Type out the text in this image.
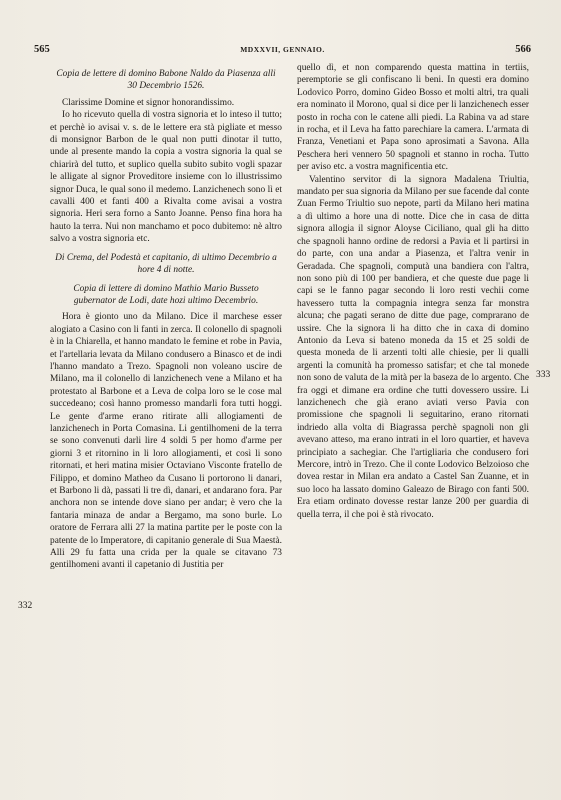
565	MDXXVII, GENNAIO.	566
332
333

Copia de lettere di domino Babone Naldo da Piasenza alli 30 Decembrio 1526.

Clarissime Domine et signor honorandissimo.

Io ho ricevuto quella di vostra signoria et lo inteso il tutto; et perchè io avisai v. s. de le lettere era stà pigliate et messo di monsignor Barbon de le qual non putti dinotar il tutto, unde al presente mando la copia a vostra signoria la qual se chiarirà del tutto, et suplico quella subito subito vogli spazar le alligate al signor Proveditore insieme con lo illustrissimo signor Duca, le qual sono il medemo. Lanzichenech sono lì et cavalli 400 et fanti 400 a Rivalta come avisai a vostra signoria. Heri sera forno a Santo Joanne. Penso fina hora ha hauto la terra. Nui non manchamo et poco dubitemo: nè altro salvo a vostra signoria etc.

Di Crema, del Podestà et capitanio, di ultimo Decembrio a hore 4 di notte.

Copia di lettere di domino Mathio Mario Busseto gubernator de Lodi, date hozi ultimo Decembrio.

Hora è gionto uno da Milano. Dice il marchese esser alogiato a Casino con li fanti in zerca. Il colonello di spagnoli è in la Chiarella, et hanno mandato le femine et robe in Pavia, et l'artellaria levata da Milano condusero a Binasco et de indi l'hanno mandato a Trezo. Spagnoli non voleano uscire de Milano, ma il colonello di lanzichenech vene a Milano et ha protestato al Barbone et a Leva de colpa loro se le cose mal succedeano; così hanno promesso mandarli fora tutti hoggi. Le gente d'arme erano ritirate alli allogiamenti de lanzichenech in Porta Comasina. Li gentilhomeni de la terra se sono convenuti darli lire 4 soldi 5 per homo d'arme per giorni 3 et ritornino in li loro allogiamenti, et così li sono ritornati, et heri matina misier Octaviano Visconte fratello de Filippo, et domino Matheo da Cusano li portorono li danari, et Barbono li dà, passati li tre dì, danari, et andarano fora. Par anchora non se intende dove siano per andar; è vero che la fantaria minaza de andar a Bergamo, ma sono burle. Lo oratore de Ferrara alli 27 la matina partite per le poste con la patente de lo Imperatore, di capitanio generale di Sua Maestà. Alli 29 fu fatta una crida per la quale se citavano 73 gentilhomeni avanti il capetanio di Justitia per

quello dì, et non comparendo questa mattina in tertiis, peremptorie se gli confiscano li beni. In questi era domino Lodovico Porro, domino Gideo Bosso et molti altri, tra quali era nominato il Morono, qual si dice per li lanzichenech esser posto in rocha con le catene alli piedi. La Rabina va ad stare in rocha, et il Leva ha fatto parechiare la camera. L'armata di Franza, Venetiani et Papa sono aprosimati a Savona. Alla Peschera heri vennero 50 spagnoli et stanno in rocha. Tutto per aviso etc. a vostra magnificentia etc.

Valentino servitor di la signora Madalena Triultia, mandato per sua signoria da Milano per sue facende dal conte Zuan Fermo Triultio suo nepote, partì da Milano heri matina a dì ultimo a hore una di notte. Dice che in casa de ditta signora allogia il signor Aloyse Ciciliano, qual gli ha ditto che spagnoli hanno ordine de redorsi a Pavia et li partirsi in do parte, con una andar a Piasenza, et l'altra venir in Geradada. Che spagnoli, computà una bandiera con l'altra, non sono più di 100 per bandiera, et che queste due page li capi se le fanno pagar secondo li loro resti vechii come havessero tutta la compagnia integra senza far monstra alcuna; che pagati serano de ditte due page, comprarano de ussire. Che la signora li ha ditto che in caxa di domino Antonio da Leva si bateno moneda da 15 et 25 soldi de questa moneda de li arzenti tolti alle chiesie, per li qualli argenti la comunità ha promesso satisfar; et che tal monede non sono de valuta de la mità per la baseza de lo argento. Che fra oggi et dimane era ordine che tutti dovessero ussire. Li lanzichenech che già erano aviati verso Pavia con promissione che spagnoli li seguitarino, erano ritornati indriedo alla volta di Biagrassa perchè spagnoli non gli avevano atteso, ma erano intrati in el loro quartier, et haveva principiato a sachegiar. Che l'artigliaria che condusero fori Mercore, intrò in Trezo. Che il conte Lodovico Belzoioso che dovea restar in Milan era andato a Castel San Zuanne, et in suo loco ha lassato domino Galeazo de Birago con fanti 500. Era etiam ordinato dovesse restar lanze 200 per guardia di quella terra, il che poi è stà rivocato.
